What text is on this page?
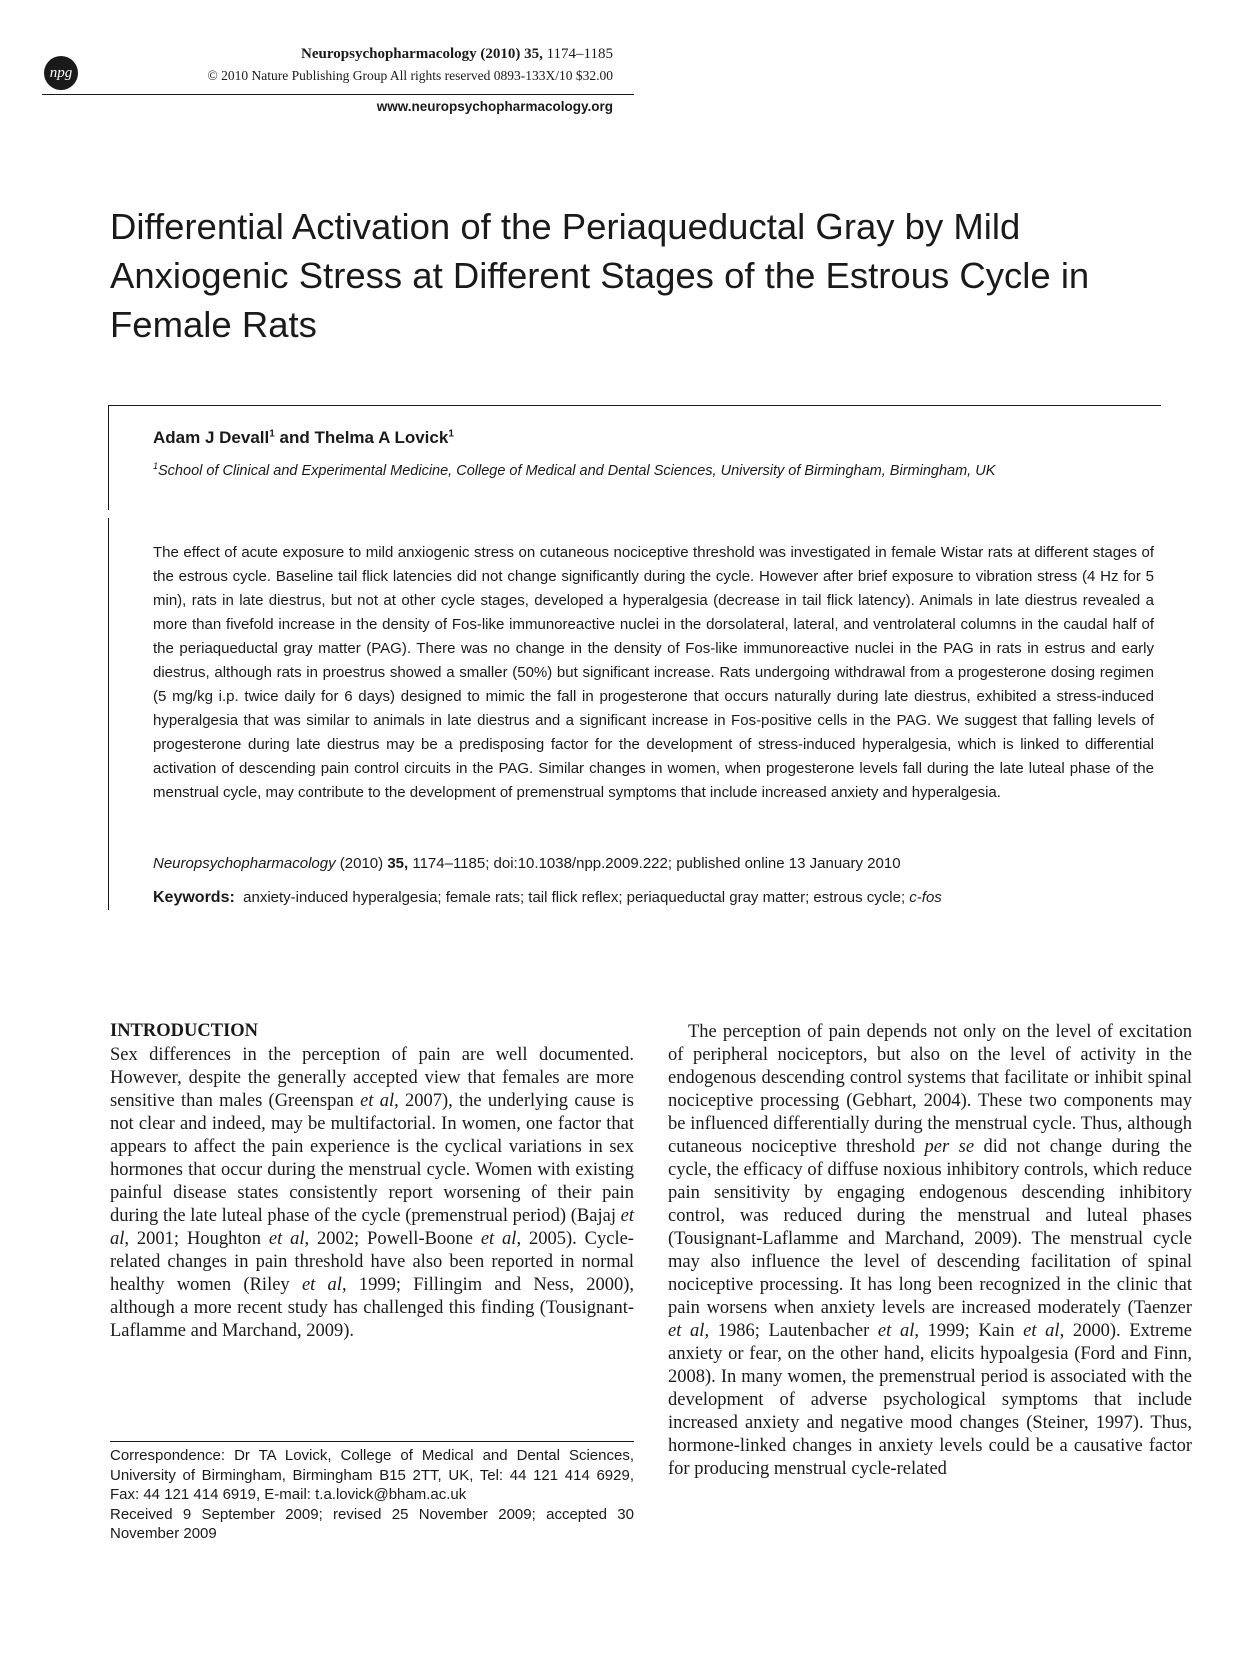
npg
Neuropsychopharmacology (2010) 35, 1174–1185
© 2010 Nature Publishing Group All rights reserved 0893-133X/10 $32.00
www.neuropsychopharmacology.org
Differential Activation of the Periaqueductal Gray by Mild Anxiogenic Stress at Different Stages of the Estrous Cycle in Female Rats
Adam J Devall$^1$ and Thelma A Lovick$^1$
$^1$School of Clinical and Experimental Medicine, College of Medical and Dental Sciences, University of Birmingham, Birmingham, UK

The effect of acute exposure to mild anxiogenic stress on cutaneous nociceptive threshold was investigated in female Wistar rats at different stages of the estrous cycle. Baseline tail flick latencies did not change significantly during the cycle. However after brief exposure to vibration stress (4 Hz for 5 min), rats in late diestrus, but not at other cycle stages, developed a hyperalgesia (decrease in tail flick latency). Animals in late diestrus revealed a more than fivefold increase in the density of Fos-like immunoreactive nuclei in the dorsolateral, lateral, and ventrolateral columns in the caudal half of the periaqueductal gray matter (PAG). There was no change in the density of Fos-like immunoreactive nuclei in the PAG in rats in estrus and early diestrus, although rats in proestrus showed a smaller (50%) but significant increase. Rats undergoing withdrawal from a progesterone dosing regimen (5 mg/kg i.p. twice daily for 6 days) designed to mimic the fall in progesterone that occurs naturally during late diestrus, exhibited a stress-induced hyperalgesia that was similar to animals in late diestrus and a significant increase in Fos-positive cells in the PAG. We suggest that falling levels of progesterone during late diestrus may be a predisposing factor for the development of stress-induced hyperalgesia, which is linked to differential activation of descending pain control circuits in the PAG. Similar changes in women, when progesterone levels fall during the late luteal phase of the menstrual cycle, may contribute to the development of premenstrual symptoms that include increased anxiety and hyperalgesia.

Neuropsychopharmacology (2010) 35, 1174–1185; doi:10.1038/npp.2009.222; published online 13 January 2010
Keywords: anxiety-induced hyperalgesia; female rats; tail flick reflex; periaqueductal gray matter; estrous cycle; c-fos
INTRODUCTION

Sex differences in the perception of pain are well documented. However, despite the generally accepted view that females are more sensitive than males (Greenspan et al, 2007), the underlying cause is not clear and indeed, may be multifactorial. In women, one factor that appears to affect the pain experience is the cyclical variations in sex hormones that occur during the menstrual cycle. Women with existing painful disease states consistently report worsening of their pain during the late luteal phase of the cycle (premenstrual period) (Bajaj et al, 2001; Houghton et al, 2002; Powell-Boone et al, 2005). Cycle-related changes in pain threshold have also been reported in normal healthy women (Riley et al, 1999; Fillingim and Ness, 2000), although a more recent study has challenged this finding (Tousignant-Laflamme and Marchand, 2009).

The perception of pain depends not only on the level of excitation of peripheral nociceptors, but also on the level of activity in the endogenous descending control systems that facilitate or inhibit spinal nociceptive processing (Gebhart, 2004). These two components may be influenced differentially during the menstrual cycle. Thus, although cutaneous nociceptive threshold per se did not change during the cycle, the efficacy of diffuse noxious inhibitory controls, which reduce pain sensitivity by engaging endogenous descending inhibitory control, was reduced during the menstrual and luteal phases (Tousignant-Laflamme and Marchand, 2009). The menstrual cycle may also influence the level of descending facilitation of spinal nociceptive processing. It has long been recognized in the clinic that pain worsens when anxiety levels are increased moderately (Taenzer et al, 1986; Lautenbacher et al, 1999; Kain et al, 2000). Extreme anxiety or fear, on the other hand, elicits hypoalgesia (Ford and Finn, 2008). In many women, the premenstrual period is associated with the development of adverse psychological symptoms that include increased anxiety and negative mood changes (Steiner, 1997). Thus, hormone-linked changes in anxiety levels could be a causative factor for producing menstrual cycle-related

Correspondence: Dr TA Lovick, College of Medical and Dental Sciences, University of Birmingham, Birmingham B15 2TT, UK, Tel: 44 121 414 6929, Fax: 44 121 414 6919, E-mail: t.a.lovick@bham.ac.uk

Received 9 September 2009; revised 25 November 2009; accepted 30 November 2009
